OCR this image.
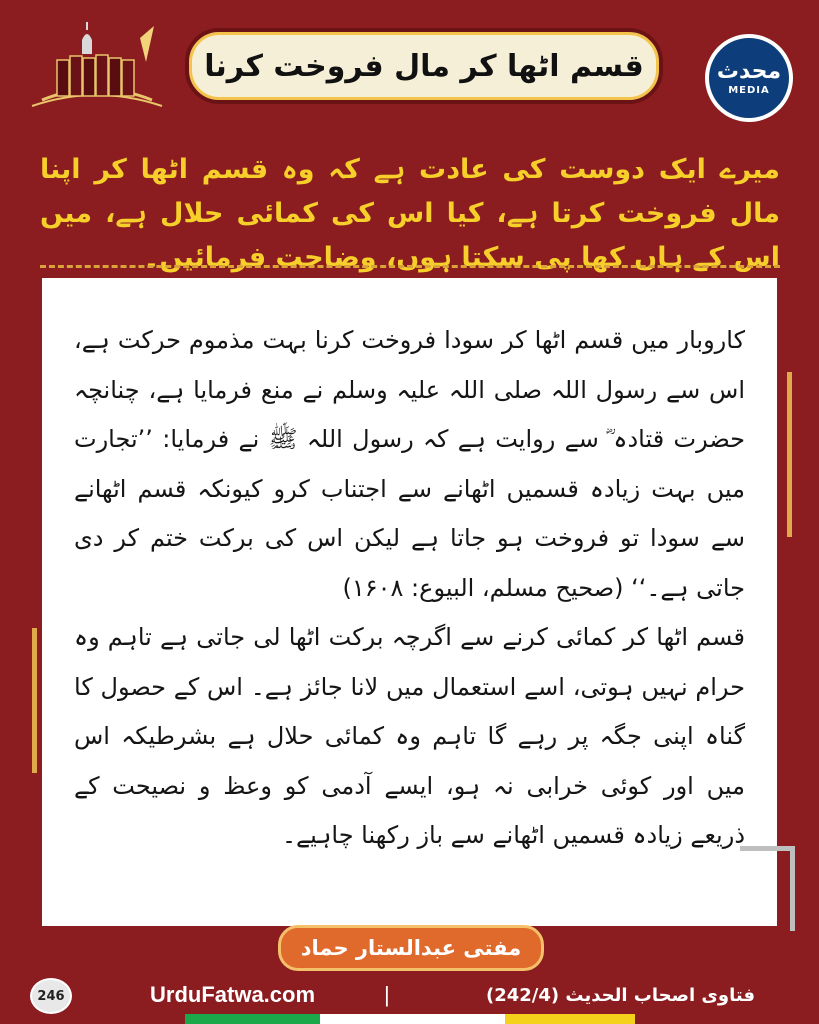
قسم اٹھا کر مال فروخت کرنا	محدث
MEDIA
میرے ایک دوست کی عادت ہے کہ وہ قسم اٹھا کر اپنا مال فروخت کرتا ہے، کیا اس کی کمائی حلال ہے، میں اس کے ہاں کھا پی سکتا ہوں، وضاحت فرمائیں۔

کاروبار میں قسم اٹھا کر سودا فروخت کرنا بہت مذموم حرکت ہے، اس سے رسول اللہ صلی اللہ علیہ وسلم نے منع فرمایا ہے، چنانچہ حضرت قتادہ ؓ سے روایت ہے کہ رسول اللہ ﷺ نے فرمایا: ’’تجارت میں بہت زیادہ قسمیں اٹھانے سے اجتناب کرو کیونکہ قسم اٹھانے سے سودا تو فروخت ہو جاتا ہے لیکن اس کی برکت ختم کر دی جاتی ہے۔‘‘ (صحیح مسلم، البیوع: ۱۶۰۸)

قسم اٹھا کر کمائی کرنے سے اگرچہ برکت اٹھا لی جاتی ہے تاہم وہ حرام نہیں ہوتی، اسے استعمال میں لانا جائز ہے۔ اس کے حصول کا گناہ اپنی جگہ پر رہے گا تاہم وہ کمائی حلال ہے بشرطیکہ اس میں اور کوئی خرابی نہ ہو، ایسے آدمی کو وعظ و نصیحت کے ذریعے زیادہ قسمیں اٹھانے سے باز رکھنا چاہیے۔

مفتی عبدالستار حماد
246	UrduFatwa.com	|	فتاوی اصحاب الحدیث (242/4)
